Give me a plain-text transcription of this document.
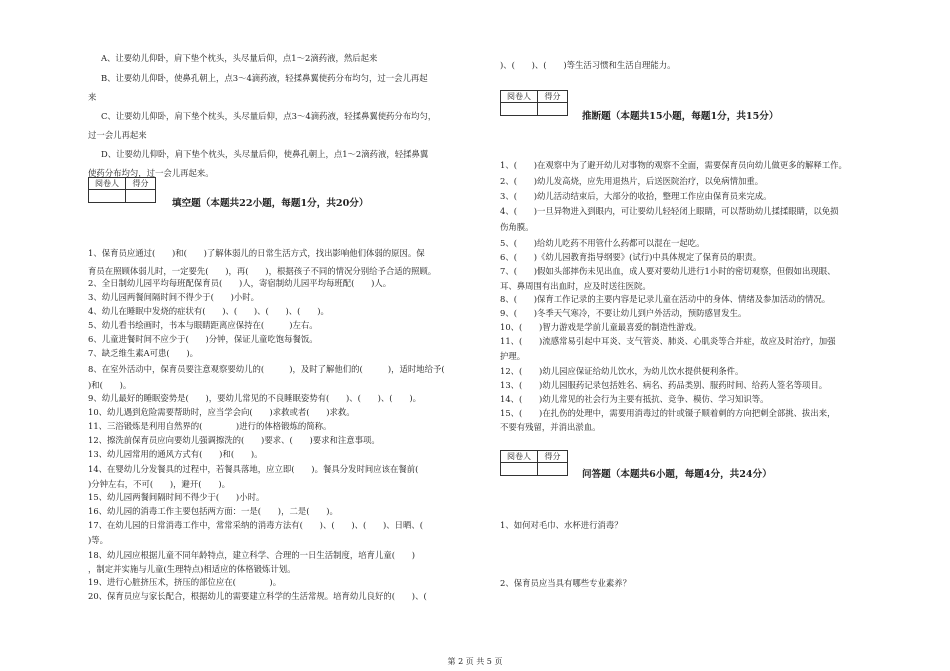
A、让要幼儿仰卧，肩下垫个枕头，头尽量后仰，点1～2滴药液，然后起来
B、让要幼儿仰卧，使鼻孔朝上，点3～4滴药液，轻揉鼻翼使药分布均匀，过一会儿再起
来
C、让要幼儿仰卧，肩下垫个枕头，头尽量后仰，点3～4滴药液，轻揉鼻翼使药分布均匀，
过一会儿再起来
D、让要幼儿仰卧，肩下垫个枕头，头尽量后仰，使鼻孔朝上，点1～2滴药液，轻揉鼻翼
使药分布均匀，过一会儿再起来。
阅卷人	得分
填空题（本题共22小题，每题1分，共20分）
1、保育员应通过(　　)和(　　)了解体弱儿的日常生活方式，找出影响他们体弱的原因。保
育员在照顾体弱儿时，一定要先(　　)，再(　　)，根据孩子不同的情况分别给予合适的照顾。
2、全日制幼儿园平均每班配保育员(　　)人，寄宿制幼儿园平均每班配(　　)人。
3、幼儿园两餐间隔时间不得少于(　　)小时。
4、幼儿在睡眠中发烧的症状有(　　)、(　　)、(　　)、(　　)。
5、幼儿看书绘画时，书本与眼睛距离应保持在(　　　)左右。
6、儿童进餐时间不应少于(　　)分钟，保证儿童吃饱每餐饭。
7、缺乏维生素A可患(　　)。
8、在室外活动中，保育员要注意观察要幼儿的(　　　)，及时了解他们的(　　　)，适时地给予(
)和(　　)。
9、幼儿最好的睡眠姿势是(　　)，要幼儿常见的不良睡眠姿势有(　　)、(　　)、(　　)。
10、幼儿遇到危险需要帮助时，应当学会向(　　)求救或者(　　)求救。
11、三浴锻炼是利用自然界的(　　　　)进行的体格锻炼的简称。
12、擦洗前保育员应向要幼儿强调擦洗的(　　)要求、(　　)要求和注意事项。
13、幼儿园常用的通风方式有(　　)和(　　)。
14、在婴幼儿分发餐具的过程中，若餐具落地，应立即(　　)。餐具分发时间应该在餐前(
)分钟左右，不可(　　)，避开(　　)。
15、幼儿园两餐间隔时间不得少于(　　)小时。
16、幼儿园的消毒工作主要包括两方面：一是(　　)，二是(　　)。
17、在幼儿园的日常消毒工作中，常常采纳的消毒方法有(　　)、(　　)、(　　)、日晒、(　　
)等。
18、幼儿园应根据儿童不同年龄特点，建立科学、合理的一日生活制度，培育儿童(　　)
，制定并实施与儿童(生理特点)相适应的体格锻炼计划。
19、进行心脏挤压术，挤压的部位应在(　　　　)。
20、保育员应与家长配合，根据幼儿的需要建立科学的生活常规。培育幼儿良好的(　　)、(
)、(　　)、(　　)等生活习惯和生活自理能力。
阅卷人	得分
推断题（本题共15小题，每题1分，共15分）
1、(　　)在观察中为了避开幼儿对事物的观察不全面，需要保育员向幼儿做更多的解释工作。
2、(　　)幼儿发高烧，应先用退热片，后送医院治疗，以免病情加重。
3、(　　)幼儿活动结束后，大部分的收拾，整理工作应由保育员来完成。
4、(　　)一旦异物进入到眼内，可让要幼儿轻轻闭上眼睛，可以帮助幼儿揉揉眼睛，以免损
伤角膜。
5、(　　)给幼儿吃药不用管什么药都可以混在一起吃。
6、(　　)《幼儿园教育指导纲要》(试行)中具体规定了保育员的职责。
7、(　　)假如头部摔伤未见出血，成人要对要幼儿进行1小时的密切观察，但假如出现眼、
耳、鼻周围有出血时，应及时送往医院。
8、(　　)保育工作记录的主要内容是记录儿童在活动中的身体、情绪及参加活动的情况。
9、(　　)冬季天气寒冷，不要让幼儿到户外活动，预防感冒发生。
10、(　　)智力游戏是学前儿童最喜爱的制造性游戏。
11、(　　)流感常易引起中耳炎、支气管炎、肺炎、心肌炎等合并症，故应及时治疗，加强
护理。
12、(　　)幼儿园应保证给幼儿饮水，为幼儿饮水提供便利条件。
13、(　　)幼儿园服药记录包括姓名、病名、药品类别、服药时间、给药人签名等项目。
14、(　　)幼儿常见的社会行为主要有抵抗、竞争、模仿、学习知识等。
15、(　　)在扎伤的处理中，需要用消毒过的针或镊子顺着刺的方向把刺全部挑、拔出来，
不要有残留，并消出淤血。
阅卷人	得分
问答题（本题共6小题，每题4分，共24分）
1、如何对毛巾、水杯进行消毒？
2、保育员应当具有哪些专业素养？
第 2 页 共 5 页
